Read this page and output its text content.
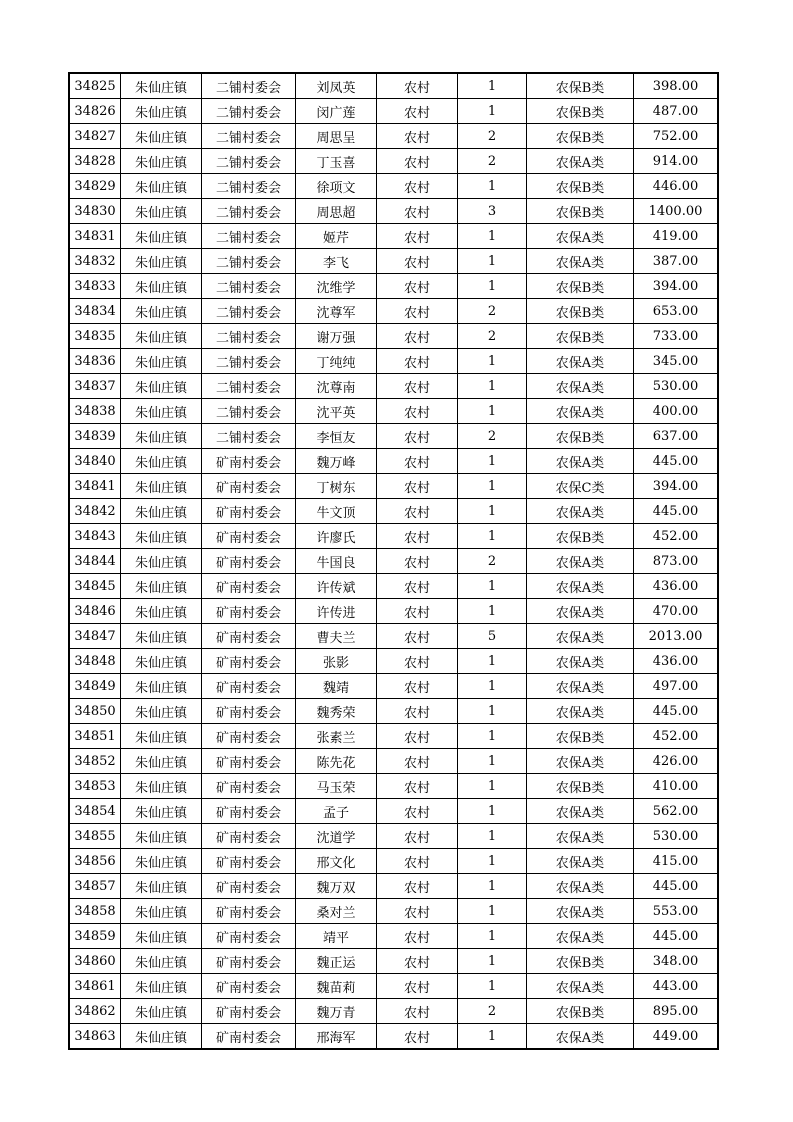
34825	朱仙庄镇	二铺村委会	刘凤英	农村	1	农保B类	398.00
34826	朱仙庄镇	二铺村委会	闵广莲	农村	1	农保B类	487.00
34827	朱仙庄镇	二铺村委会	周思呈	农村	2	农保B类	752.00
34828	朱仙庄镇	二铺村委会	丁玉喜	农村	2	农保A类	914.00
34829	朱仙庄镇	二铺村委会	徐项文	农村	1	农保B类	446.00
34830	朱仙庄镇	二铺村委会	周思超	农村	3	农保B类	1400.00
34831	朱仙庄镇	二铺村委会	姬芹	农村	1	农保A类	419.00
34832	朱仙庄镇	二铺村委会	李飞	农村	1	农保A类	387.00
34833	朱仙庄镇	二铺村委会	沈维学	农村	1	农保B类	394.00
34834	朱仙庄镇	二铺村委会	沈尊军	农村	2	农保B类	653.00
34835	朱仙庄镇	二铺村委会	谢万强	农村	2	农保B类	733.00
34836	朱仙庄镇	二铺村委会	丁纯纯	农村	1	农保A类	345.00
34837	朱仙庄镇	二铺村委会	沈尊南	农村	1	农保A类	530.00
34838	朱仙庄镇	二铺村委会	沈平英	农村	1	农保A类	400.00
34839	朱仙庄镇	二铺村委会	李恒友	农村	2	农保B类	637.00
34840	朱仙庄镇	矿南村委会	魏万峰	农村	1	农保A类	445.00
34841	朱仙庄镇	矿南村委会	丁树东	农村	1	农保C类	394.00
34842	朱仙庄镇	矿南村委会	牛文顶	农村	1	农保A类	445.00
34843	朱仙庄镇	矿南村委会	许廖氏	农村	1	农保B类	452.00
34844	朱仙庄镇	矿南村委会	牛国良	农村	2	农保A类	873.00
34845	朱仙庄镇	矿南村委会	许传斌	农村	1	农保A类	436.00
34846	朱仙庄镇	矿南村委会	许传进	农村	1	农保A类	470.00
34847	朱仙庄镇	矿南村委会	曹夫兰	农村	5	农保A类	2013.00
34848	朱仙庄镇	矿南村委会	张影	农村	1	农保A类	436.00
34849	朱仙庄镇	矿南村委会	魏靖	农村	1	农保A类	497.00
34850	朱仙庄镇	矿南村委会	魏秀荣	农村	1	农保A类	445.00
34851	朱仙庄镇	矿南村委会	张素兰	农村	1	农保B类	452.00
34852	朱仙庄镇	矿南村委会	陈先花	农村	1	农保A类	426.00
34853	朱仙庄镇	矿南村委会	马玉荣	农村	1	农保B类	410.00
34854	朱仙庄镇	矿南村委会	孟子	农村	1	农保A类	562.00
34855	朱仙庄镇	矿南村委会	沈道学	农村	1	农保A类	530.00
34856	朱仙庄镇	矿南村委会	邢文化	农村	1	农保A类	415.00
34857	朱仙庄镇	矿南村委会	魏万双	农村	1	农保A类	445.00
34858	朱仙庄镇	矿南村委会	桑对兰	农村	1	农保A类	553.00
34859	朱仙庄镇	矿南村委会	靖平	农村	1	农保A类	445.00
34860	朱仙庄镇	矿南村委会	魏正运	农村	1	农保B类	348.00
34861	朱仙庄镇	矿南村委会	魏苗莉	农村	1	农保A类	443.00
34862	朱仙庄镇	矿南村委会	魏万青	农村	2	农保B类	895.00
34863	朱仙庄镇	矿南村委会	邢海军	农村	1	农保A类	449.00
